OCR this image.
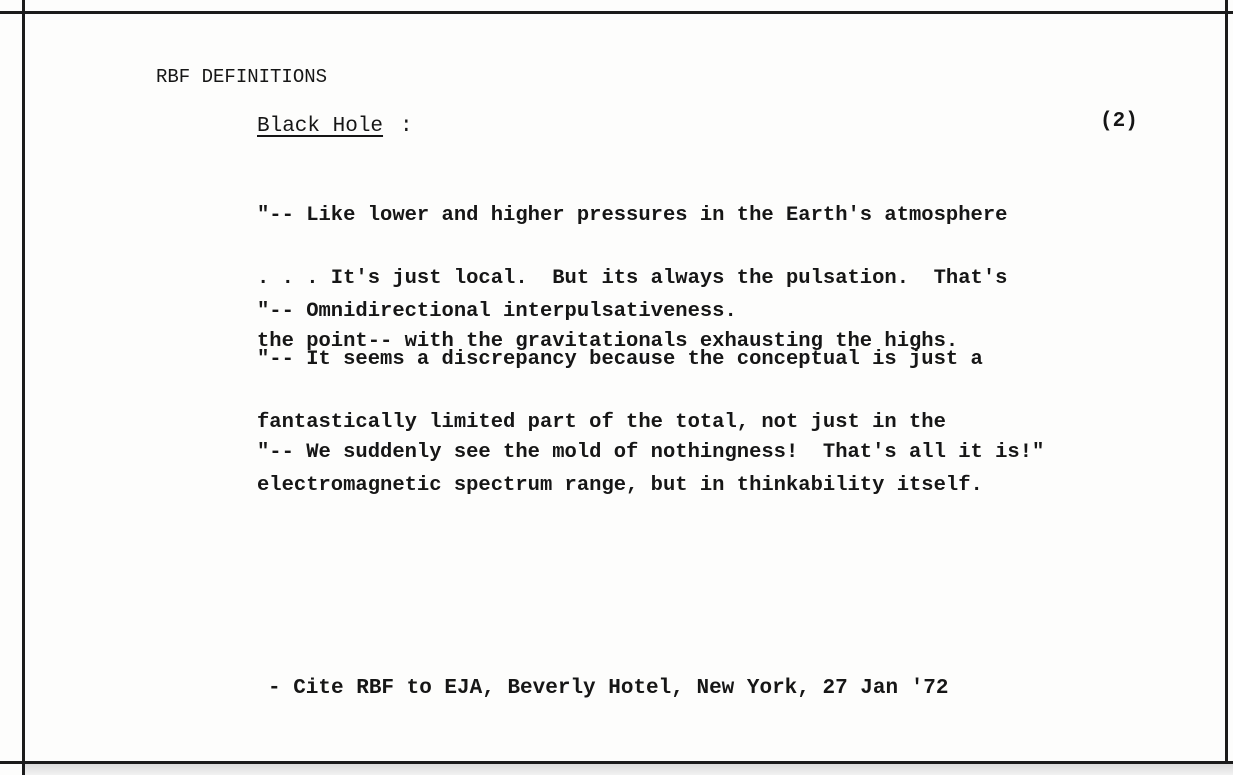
RBF DEFINITIONS

Black Hole :	(2)

"-- Like lower and higher pressures in the Earth's atmosphere

. . . It's just local.  But its always the pulsation.  That's

the point-- with the gravitationals exhausting the highs.

"-- Omnidirectional interpulsativeness.

"-- It seems a discrepancy because the conceptual is just a

fantastically limited part of the total, not just in the

electromagnetic spectrum range, but in thinkability itself.

"-- We suddenly see the mold of nothingness!  That's all it is!"

- Cite RBF to EJA, Beverly Hotel, New York, 27 Jan '72
